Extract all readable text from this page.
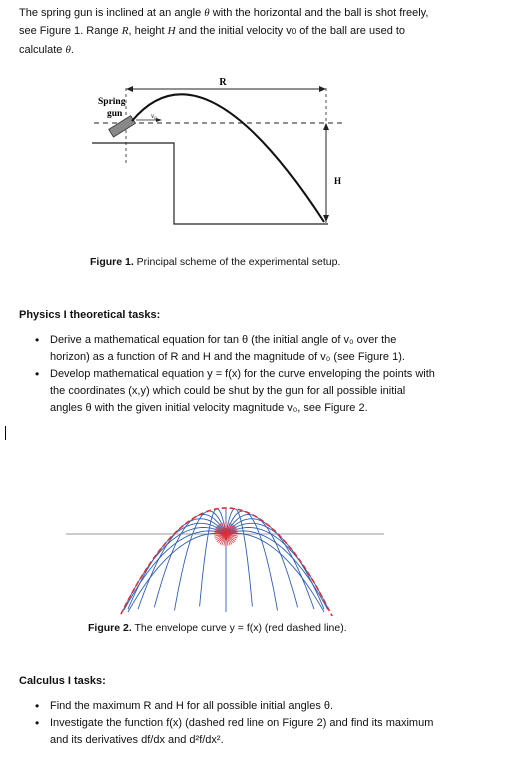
The spring gun is inclined at an angle θ with the horizontal and the ball is shot freely, see Figure 1. Range R, height H and the initial velocity v0 of the ball are used to calculate θ.
R
H
Spring
gun	v₀
Figure 1. Principal scheme of the experimental setup.
Physics I theoretical tasks:
• Derive a mathematical equation for tan θ (the initial angle of v₀ over the horizon) as a function of R and H and the magnitude of v₀ (see Figure 1).
• Develop mathematical equation y = f(x) for the curve enveloping the points with the coordinates (x,y) which could be shut by the gun for all possible initial angles θ with the given initial velocity magnitude v₀, see Figure 2.
Figure 2. The envelope curve y = f(x) (red dashed line).
Calculus I tasks:
• Find the maximum R and H for all possible initial angles θ.
• Investigate the function f(x) (dashed red line on Figure 2) and find its maximum and its derivatives df/dx and d²f/dx².
